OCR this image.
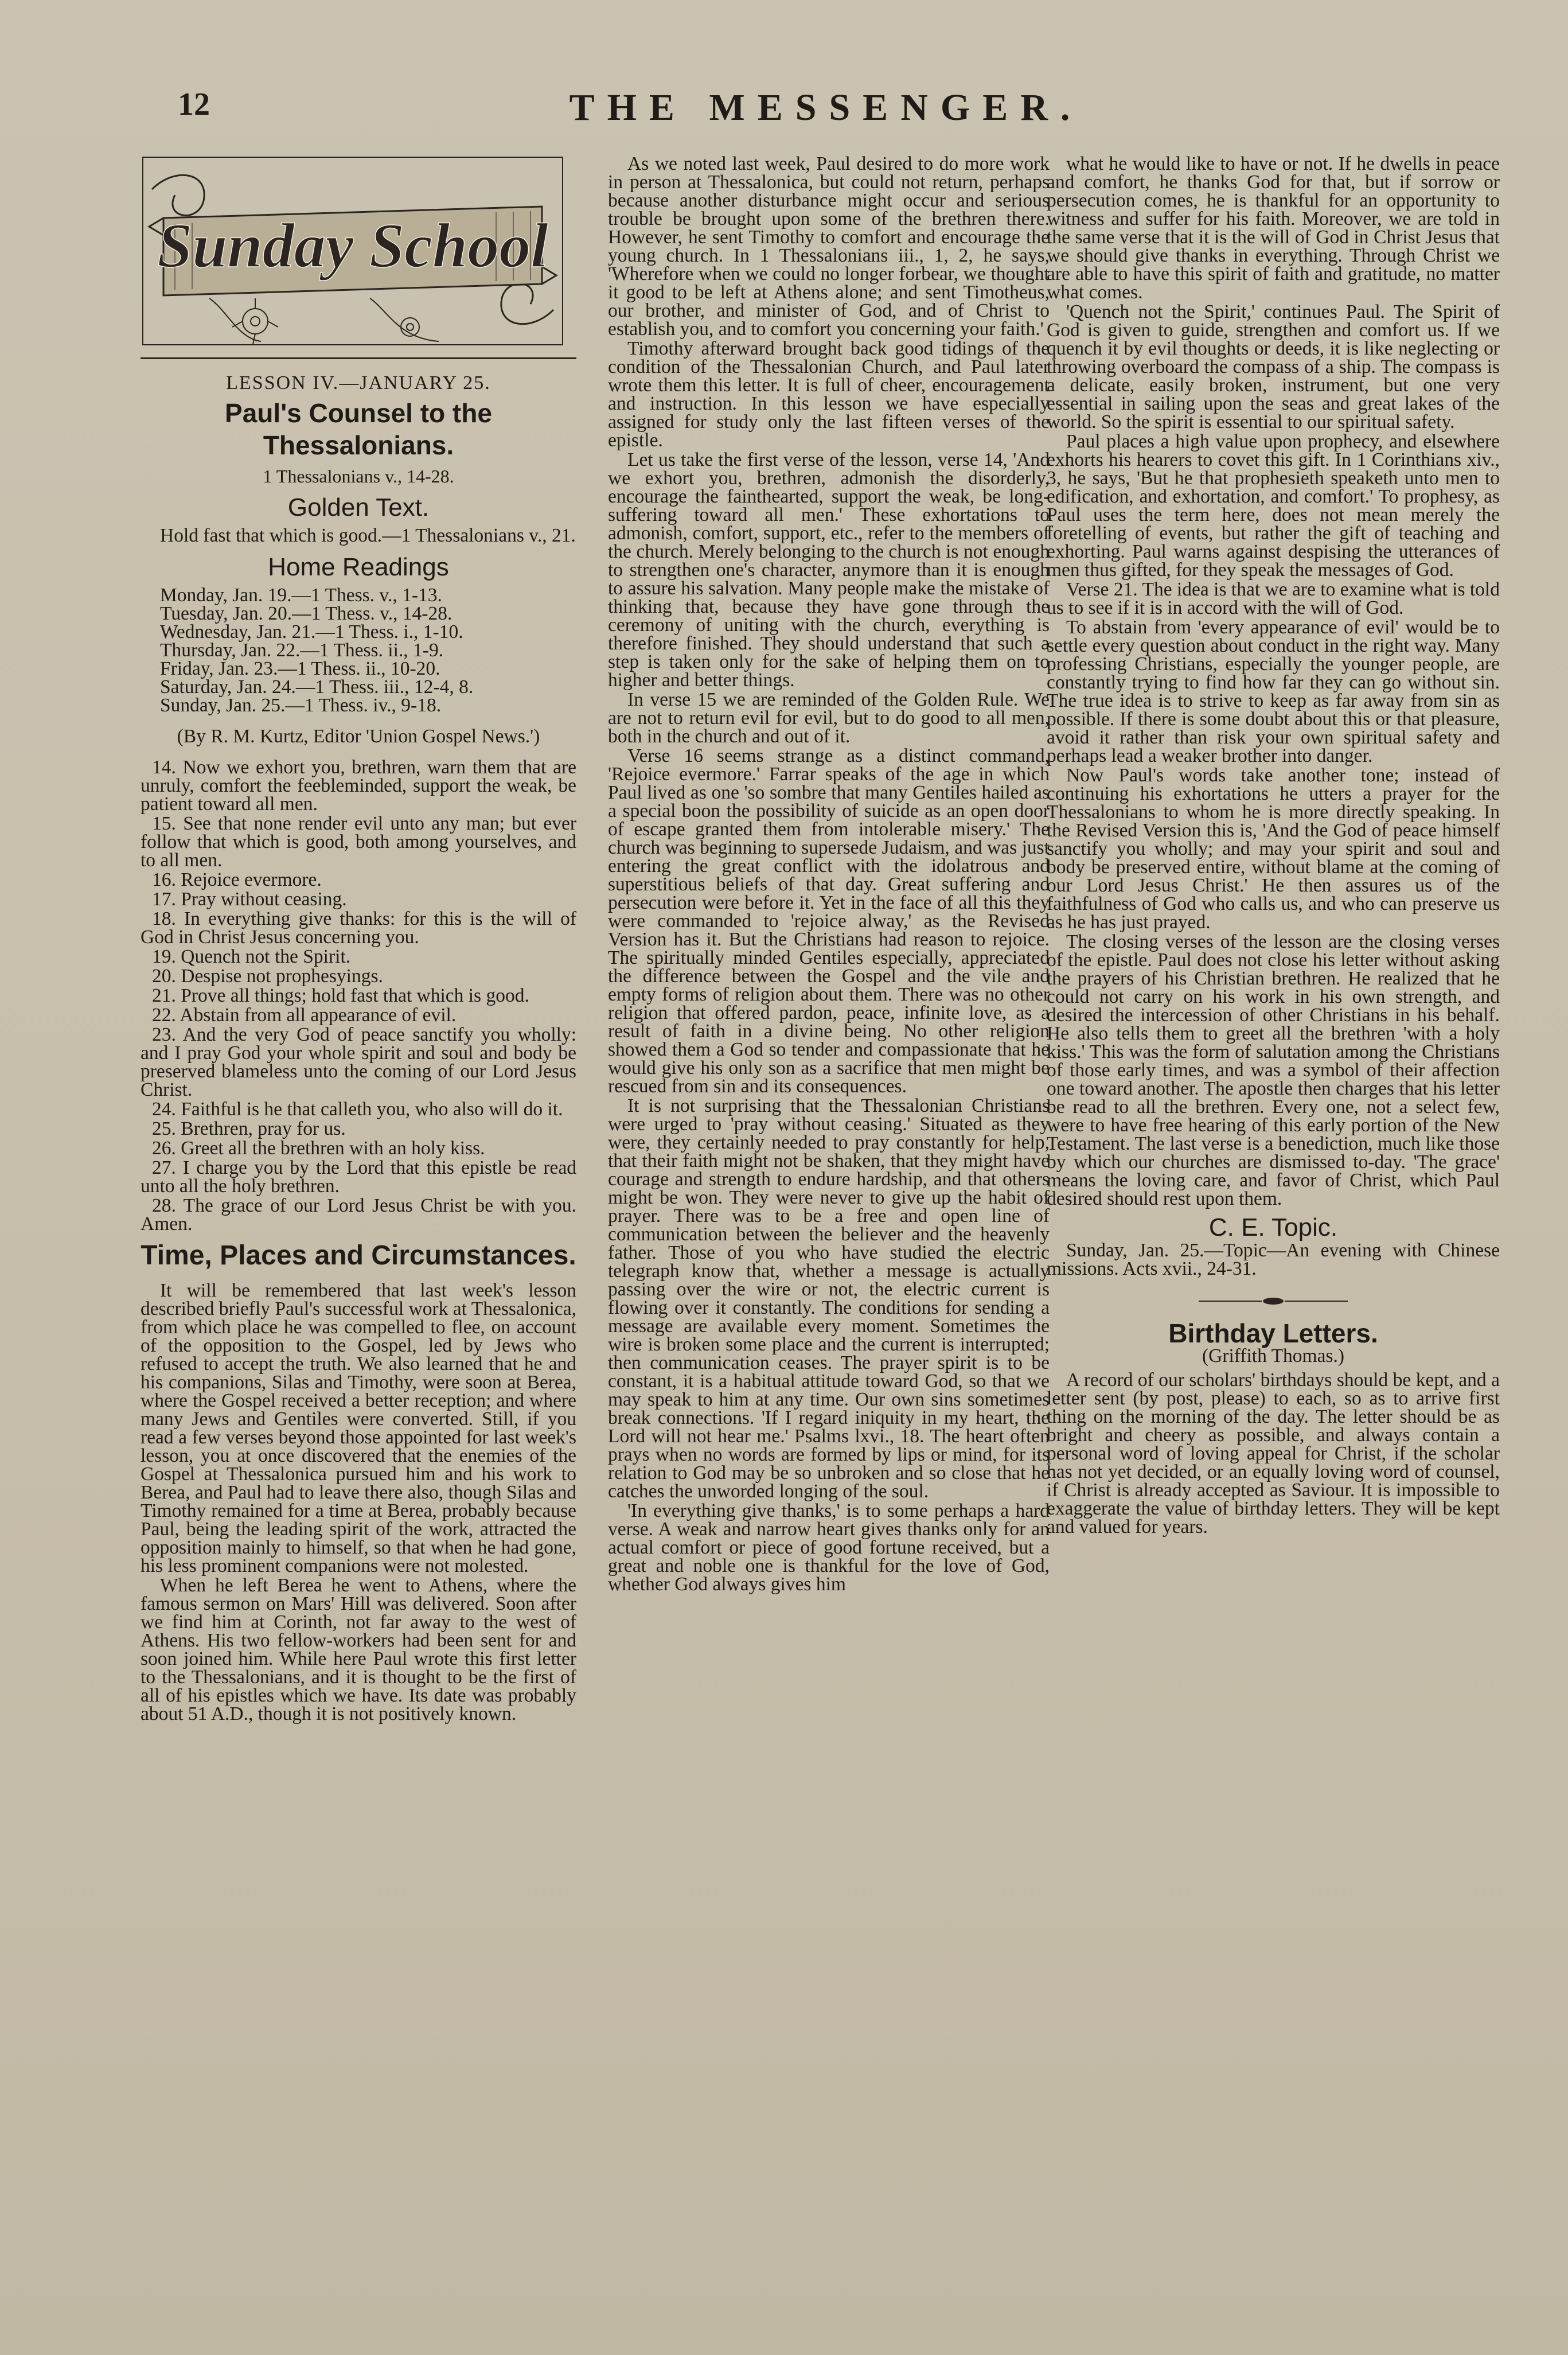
12	THE MESSENGER.
Sunday School
LESSON IV.—JANUARY 25.
Paul's Counsel to the Thessalonians.
1 Thessalonians v., 14-28.
Golden Text.

Hold fast that which is good.—1 Thessalonians v., 21.

Home Readings
Monday, Jan. 19.—1 Thess. v., 1-13.
Tuesday, Jan. 20.—1 Thess. v., 14-28.
Wednesday, Jan. 21.—1 Thess. i., 1-10.
Thursday, Jan. 22.—1 Thess. ii., 1-9.
Friday, Jan. 23.—1 Thess. ii., 10-20.
Saturday, Jan. 24.—1 Thess. iii., 12-4, 8.
Sunday, Jan. 25.—1 Thess. iv., 9-18.
(By R. M. Kurtz, Editor 'Union Gospel News.')

14. Now we exhort you, brethren, warn them that are unruly, comfort the feebleminded, support the weak, be patient toward all men.

15. See that none render evil unto any man; but ever follow that which is good, both among yourselves, and to all men.

16. Rejoice evermore.

17. Pray without ceasing.

18. In everything give thanks: for this is the will of God in Christ Jesus concerning you.

19. Quench not the Spirit.

20. Despise not prophesyings.

21. Prove all things; hold fast that which is good.

22. Abstain from all appearance of evil.

23. And the very God of peace sanctify you wholly: and I pray God your whole spirit and soul and body be preserved blameless unto the coming of our Lord Jesus Christ.

24. Faithful is he that calleth you, who also will do it.

25. Brethren, pray for us.

26. Greet all the brethren with an holy kiss.

27. I charge you by the Lord that this epistle be read unto all the holy brethren.

28. The grace of our Lord Jesus Christ be with you. Amen.

Time, Places and Circumstances.

It will be remembered that last week's lesson described briefly Paul's successful work at Thessalonica, from which place he was compelled to flee, on account of the opposition to the Gospel, led by Jews who refused to accept the truth. We also learned that he and his companions, Silas and Timothy, were soon at Berea, where the Gospel received a better reception; and where many Jews and Gentiles were converted. Still, if you read a few verses beyond those appointed for last week's lesson, you at once discovered that the enemies of the Gospel at Thessalonica pursued him and his work to Berea, and Paul had to leave there also, though Silas and Timothy remained for a time at Berea, probably because Paul, being the leading spirit of the work, attracted the opposition mainly to himself, so that when he had gone, his less prominent companions were not molested.

When he left Berea he went to Athens, where the famous sermon on Mars' Hill was delivered. Soon after we find him at Corinth, not far away to the west of Athens. His two fellow-workers had been sent for and soon joined him. While here Paul wrote this first letter to the Thessalonians, and it is thought to be the first of all of his epistles which we have. Its date was probably about 51 A.D., though it is not positively known.

As we noted last week, Paul desired to do more work in person at Thessalonica, but could not return, perhaps because another disturbance might occur and serious trouble be brought upon some of the brethren there. However, he sent Timothy to comfort and encourage the young church. In 1 Thessalonians iii., 1, 2, he says, 'Wherefore when we could no longer forbear, we thought it good to be left at Athens alone; and sent Timotheus, our brother, and minister of God, and of Christ to establish you, and to comfort you concerning your faith.'

Timothy afterward brought back good tidings of the condition of the Thessalonian Church, and Paul later wrote them this letter. It is full of cheer, encouragement and instruction. In this lesson we have especially assigned for study only the last fifteen verses of the epistle.

Let us take the first verse of the lesson, verse 14, 'And we exhort you, brethren, admonish the disorderly, encourage the fainthearted, support the weak, be long-suffering toward all men.' These exhortations to admonish, comfort, support, etc., refer to the members of the church. Merely belonging to the church is not enough to strengthen one's character, anymore than it is enough to assure his salvation. Many people make the mistake of thinking that, because they have gone through the ceremony of uniting with the church, everything is therefore finished. They should understand that such a step is taken only for the sake of helping them on to higher and better things.

In verse 15 we are reminded of the Golden Rule. We are not to return evil for evil, but to do good to all men, both in the church and out of it.

Verse 16 seems strange as a distinct command, 'Rejoice evermore.' Farrar speaks of the age in which Paul lived as one 'so sombre that many Gentiles hailed as a special boon the possibility of suicide as an open door of escape granted them from intolerable misery.' The church was beginning to supersede Judaism, and was just entering the great conflict with the idolatrous and superstitious beliefs of that day. Great suffering and persecution were before it. Yet in the face of all this they were commanded to 'rejoice alway,' as the Revised Version has it. But the Christians had reason to rejoice. The spiritually minded Gentiles especially, appreciated the difference between the Gospel and the vile and empty forms of religion about them. There was no other religion that offered pardon, peace, infinite love, as a result of faith in a divine being. No other religion showed them a God so tender and compassionate that he would give his only son as a sacrifice that men might be rescued from sin and its consequences.

It is not surprising that the Thessalonian Christians were urged to 'pray without ceasing.' Situated as they were, they certainly needed to pray constantly for help, that their faith might not be shaken, that they might have courage and strength to endure hardship, and that others might be won. They were never to give up the habit of prayer. There was to be a free and open line of communication between the believer and the heavenly father. Those of you who have studied the electric telegraph know that, whether a message is actually passing over the wire or not, the electric current is flowing over it constantly. The conditions for sending a message are available every moment. Sometimes the wire is broken some place and the current is interrupted; then communication ceases. The prayer spirit is to be constant, it is a habitual attitude toward God, so that we may speak to him at any time. Our own sins sometimes break connections. 'If I regard iniquity in my heart, the Lord will not hear me.' Psalms lxvi., 18. The heart often prays when no words are formed by lips or mind, for its relation to God may be so unbroken and so close that he catches the unworded longing of the soul.

'In everything give thanks,' is to some perhaps a hard verse. A weak and narrow heart gives thanks only for an actual comfort or piece of good fortune received, but a great and noble one is thankful for the love of God, whether God always gives him

what he would like to have or not. If he dwells in peace and comfort, he thanks God for that, but if sorrow or persecution comes, he is thankful for an opportunity to witness and suffer for his faith. Moreover, we are told in the same verse that it is the will of God in Christ Jesus that we should give thanks in everything. Through Christ we are able to have this spirit of faith and gratitude, no matter what comes.

'Quench not the Spirit,' continues Paul. The Spirit of God is given to guide, strengthen and comfort us. If we quench it by evil thoughts or deeds, it is like neglecting or throwing overboard the compass of a ship. The compass is a delicate, easily broken, instrument, but one very essential in sailing upon the seas and great lakes of the world. So the spirit is essential to our spiritual safety.

Paul places a high value upon prophecy, and elsewhere exhorts his hearers to covet this gift. In 1 Corinthians xiv., 3, he says, 'But he that prophesieth speaketh unto men to edification, and exhortation, and comfort.' To prophesy, as Paul uses the term here, does not mean merely the foretelling of events, but rather the gift of teaching and exhorting. Paul warns against despising the utterances of men thus gifted, for they speak the messages of God.

Verse 21. The idea is that we are to examine what is told us to see if it is in accord with the will of God.

To abstain from 'every appearance of evil' would be to settle every question about conduct in the right way. Many professing Christians, especially the younger people, are constantly trying to find how far they can go without sin. The true idea is to strive to keep as far away from sin as possible. If there is some doubt about this or that pleasure, avoid it rather than risk your own spiritual safety and perhaps lead a weaker brother into danger.

Now Paul's words take another tone; instead of continuing his exhortations he utters a prayer for the Thessalonians to whom he is more directly speaking. In the Revised Version this is, 'And the God of peace himself sanctify you wholly; and may your spirit and soul and body be preserved entire, without blame at the coming of our Lord Jesus Christ.' He then assures us of the faithfulness of God who calls us, and who can preserve us as he has just prayed.

The closing verses of the lesson are the closing verses of the epistle. Paul does not close his letter without asking the prayers of his Christian brethren. He realized that he could not carry on his work in his own strength, and desired the intercession of other Christians in his behalf. He also tells them to greet all the brethren 'with a holy kiss.' This was the form of salutation among the Christians of those early times, and was a symbol of their affection one toward another. The apostle then charges that his letter be read to all the brethren. Every one, not a select few, were to have free hearing of this early portion of the New Testament. The last verse is a benediction, much like those by which our churches are dismissed to-day. 'The grace' means the loving care, and favor of Christ, which Paul desired should rest upon them.

C. E. Topic.

Sunday, Jan. 25.—Topic—An evening with Chinese missions. Acts xvii., 24-31.

Birthday Letters.
(Griffith Thomas.)

A record of our scholars' birthdays should be kept, and a letter sent (by post, please) to each, so as to arrive first thing on the morning of the day. The letter should be as bright and cheery as possible, and always contain a personal word of loving appeal for Christ, if the scholar has not yet decided, or an equally loving word of counsel, if Christ is already accepted as Saviour. It is impossible to exaggerate the value of birthday letters. They will be kept and valued for years.
